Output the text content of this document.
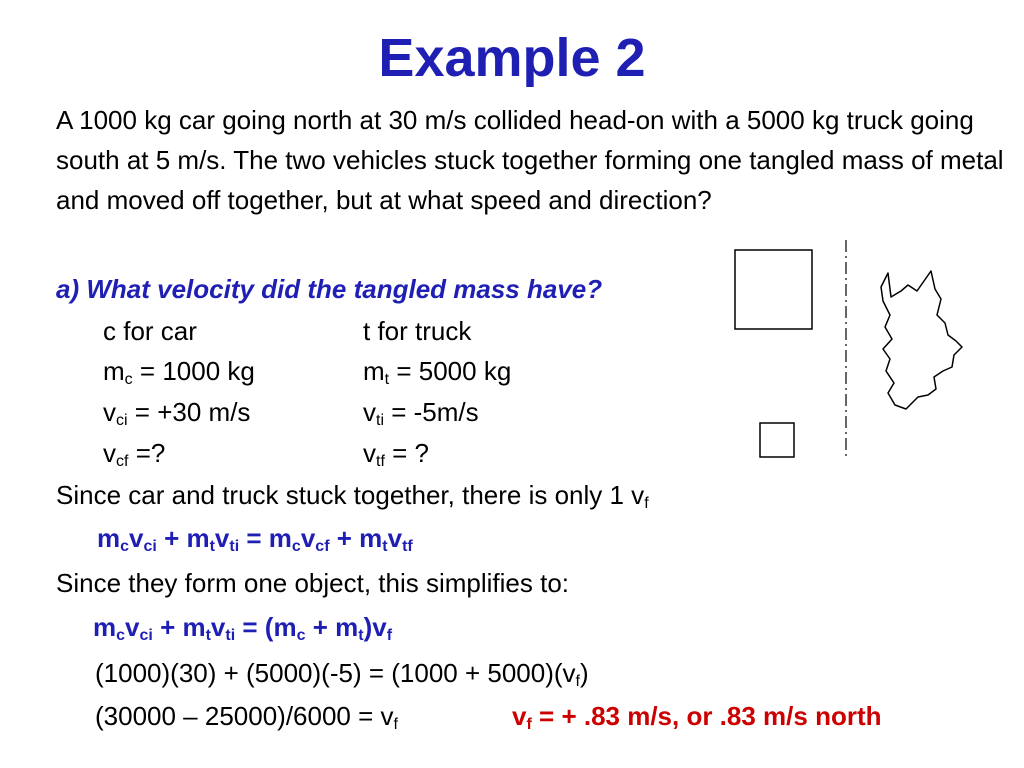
Example 2

A 1000 kg car going north at 30 m/s collided head-on with a 5000 kg truck going south at 5 m/s. The two vehicles stuck together forming one tangled mass of metal and moved off together, but at what speed and direction?

a) What velocity did the tangled mass have?
c for car	t for truck
$m_c = 1000$ kg	$m_t = 5000$ kg
$v_{ci} = +30$ m/s	$v_{ti} = -5m/s$
$v_{cf}$ =?	$v_{tf}$ = ?
Since car and truck stuck together, there is only 1 $v_f$
$m_cv_{ci} + m_tv_{ti} = m_cv_{cf} + m_tv_{tf}$
Since they form one object, this simplifies to:
$m_cv_{ci} + m_tv_{ti} = (m_c + m_t)v_f$
$(1000)(30) + (5000)(-5) = (1000 + 5000)(v_f)$
$(30000 - 25000)/6000 = v_f$	$v_f$ = + .83 m/s, or .83 m/s north
